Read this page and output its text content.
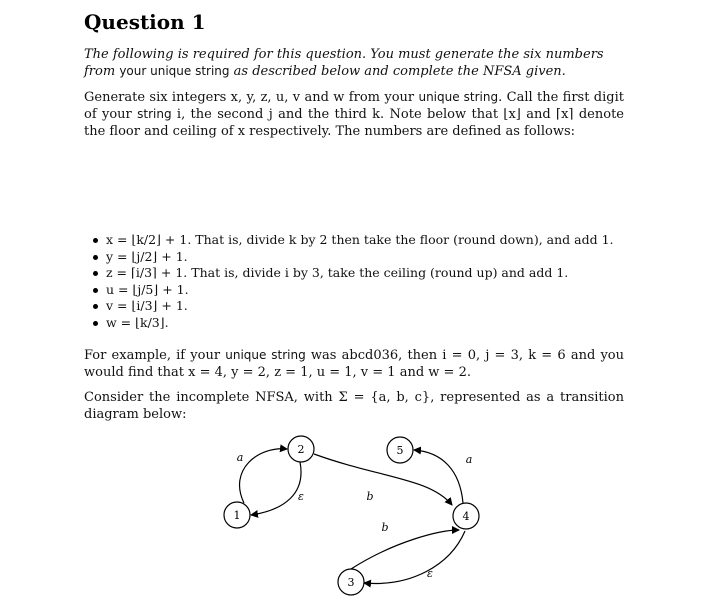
Question 1

The following is required for this question. You must generate the six numbers from your unique string as described below and complete the NFSA given.

Generate six integers x, y, z, u, v and w from your unique string. Call the first digit of your string i, the second j and the third k. Note below that ⌊x⌋ and ⌈x⌉ denote the floor and ceiling of x respectively. The numbers are defined as follows:

x = ⌊k/2⌋ + 1. That is, divide k by 2 then take the floor (round down), and add 1.
y = ⌊j/2⌋ + 1.
z = ⌈i/3⌉ + 1. That is, divide i by 3, take the ceiling (round up) and add 1.
u = ⌊j/5⌋ + 1.
v = ⌊i/3⌋ + 1.
w = ⌊k/3⌋.

For example, if your unique string was abcd036, then i = 0, j = 3, k = 6 and you would find that x = 4, y = 2, z = 1, u = 1, v = 1 and w = 2.

Consider the incomplete NFSA, with Σ = {a, b, c}, represented as a transition diagram below:

1
2
3
4
5
a
ε	b
a
b
ε
